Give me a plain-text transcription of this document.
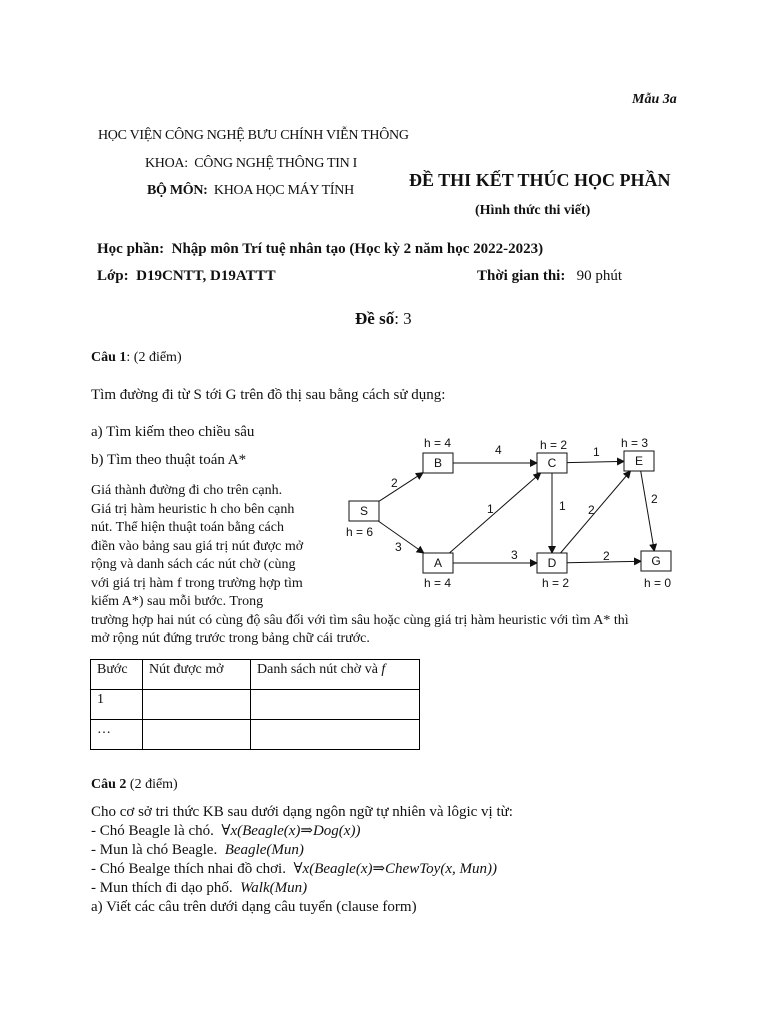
Mẫu 3a
HỌC VIỆN CÔNG NGHỆ BƯU CHÍNH VIỄN THÔNG
KHOA: CÔNG NGHỆ THÔNG TIN I
BỘ MÔN: KHOA HỌC MÁY TÍNH
ĐỀ THI KẾT THÚC HỌC PHẦN
(Hình thức thi viết)
Học phần: Nhập môn Trí tuệ nhân tạo (Học kỳ 2 năm học 2022-2023)
Lớp: D19CNTT, D19ATTT	Thời gian thi: 90 phút
Đề số: 3
Câu 1: (2 điểm)
Tìm đường đi từ S tới G trên đồ thị sau bằng cách sử dụng:
a) Tìm kiếm theo chiều sâu
b) Tìm theo thuật toán A*
Giá thành đường đi cho trên cạnh.
Giá trị hàm heuristic h cho bên cạnh
nút. Thể hiện thuật toán bằng cách
điền vào bảng sau giá trị nút được mở
rộng và danh sách các nút chờ (cùng
với giá trị hàm f trong trường hợp tìm
kiếm A*) sau mỗi bước. Trong
trường hợp hai nút có cùng độ sâu đối với tìm sâu hoặc cùng giá trị hàm heuristic với tìm A* thì
mở rộng nút đứng trước trong bảng chữ cái trước.
2
3
4
1
3
1
1
2
2
2
S
h = 6
B
h = 4
A
h = 4
C
h = 2
D
h = 2
E
h = 3
G
h = 0
Bước	Nút được mở	Danh sách nút chờ và f
1		
…		
Câu 2 (2 điểm)
Cho cơ sở tri thức KB sau dưới dạng ngôn ngữ tự nhiên và lôgic vị từ:
- Chó Beagle là chó. ∀x(Beagle(x)⇒Dog(x))
- Mun là chó Beagle. Beagle(Mun)
- Chó Bealge thích nhai đồ chơi. ∀x(Beagle(x)⇒ChewToy(x, Mun))
- Mun thích đi dạo phố. Walk(Mun)
a) Viết các câu trên dưới dạng câu tuyển (clause form)
